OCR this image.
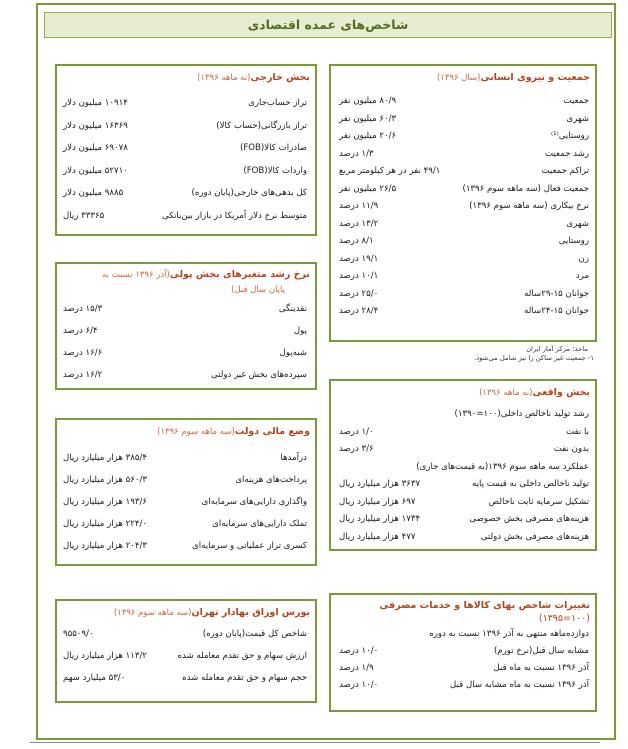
شاخص‌های عمده اقتصادی
جمعیت و نیروی انسانی(سال ۱۳۹۶)
جمعیت
۸۰/۹ میلیون نفر
شهری
۶۰/۳ میلیون نفر
روستایی⁽¹⁾
۲۰/۶ میلیون نفر
رشد جمعیت
۱/۳ درصد
تراکم جمعیت
۴۹/۱ نفر در هر کیلومتر مربع
جمعیت فعال (سه ماهه سوم ۱۳۹۶)
۲۶/۵ میلیون نفر
نرخ بیکاری (سه ماهه سوم ۱۳۹۶)
۱۱/۹ درصد
شهری
۱۳/۲ درصد
روستایی
۸/۱ درصد
زن
۱۹/۱ درصد
مرد
۱۰/۱ درصد
جوانان ۱۵-۲۹ساله
۲۵/۰ درصد
جوانان ۱۵-۲۴ساله
۲۸/۴ درصد
ماخذ: مرکز آمار ایران
۱- جمعیت غیر ساکن را نیز شامل می‌شود.
بخش خارجی(نه ماهه ۱۳۹۶)
تراز حساب‌جاری
۱۰۹۱۴ میلیون دلار
تراز بازرگانی(حساب کالا)
۱۶۳۶۹ میلیون دلار
صادرات کالا(FOB)
۶۹۰۷۸ میلیون دلار
واردات کالا(FOB)
۵۲۷۱۰ میلیون دلار
کل بدهی‌های خارجی(پایان دوره)
۹۸۸۵ میلیون دلار
متوسط نرخ دلار آمریکا در بازار بین‌بانکی
۳۳۳۶۵ ریال
نرخ رشد متغیرهای بخش پولی(آذر ۱۳۹۶ نسبت به
پایان سال قبل)
نقدینگی
۱۵/۳ درصد
پول
۶/۴ درصد
شبه‌پول
۱۶/۶ درصد
سپرده‌های بخش غیر دولتی
۱۶/۲ درصد
بخش واقعی(نه ماهه ۱۳۹۶)
رشد تولید ناخالص داخلی(۱۰۰=۱۳۹۰)
با نفت
۱/۰ درصد
بدون نفت
۳/۶ درصد
عملکرد سه ماهه سوم ۱۳۹۶(به قیمت‌های جاری)
تولید ناخالص داخلی به قیمت پایه
۳۶۳۷ هزار میلیارد ریال
تشکیل سرمایه ثابت ناخالص
۶۹۷ هزار میلیارد ریال
هزینه‌های مصرفی بخش خصوصی
۱۷۳۴ هزار میلیارد ریال
هزینه‌های مصرفی بخش دولتی
۴۷۷ هزار میلیارد ریال
وضع مالی دولت(سه ماهه سوم ۱۳۹۶)
درآمدها
۳۸۵/۴ هزار میلیارد ریال
پرداخت‌های هزینه‌ای
۵۶۰/۳ هزار میلیارد ریال
واگذاری دارایی‌های سرمایه‌ای
۱۹۳/۶ هزار میلیارد ریال
تملک دارایی‌های سرمایه‌ای
۲۲۴/۰ هزار میلیارد ریال
کسری تراز عملیاتی و سرمایه‌ای
۲۰۴/۳ هزار میلیارد ریال
بورس اوراق بهادار تهران(سه ماهه سوم ۱۳۹۶)
شاخص کل قیمت(پایان دوره)
۹۵۵۰۹/۰
ارزش سهام و حق تقدم معامله شده
۱۱۳/۲ هزار میلیارد ریال
حجم سهام و حق تقدم معامله شده
۵۳/۰ میلیارد سهم
تغییرات شاخص بهای کالاها و خدمات مصرفی
(۱۰۰=۱۳۹۵)
دوازده‌ماهه منتهی به آذر ۱۳۹۶ نسبت به دوره
مشابه سال قبل(نرخ تورم)
۱۰/۰ درصد
آذر ۱۳۹۶ نسبت به ماه قبل
۱/۹ درصد
آذر ۱۳۹۶ نسبت به ماه مشابه سال قبل
۱۰/۰ درصد
